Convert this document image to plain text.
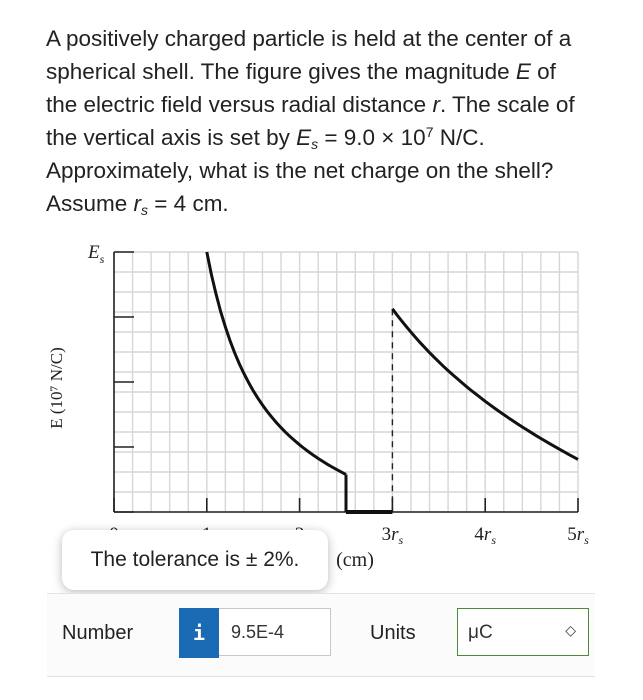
A positively charged particle is held at the center of a
spherical shell. The figure gives the magnitude E of
the electric field versus radial distance r. The scale of
the vertical axis is set by $E_s = 9.0 \times 10^7$ N/C.
Approximately, what is the net charge on the shell?
Assume $r_s = 4$ cm.
E (10⁷ N/C)
$E_s$
$3r_s$	$4r_s$	$5r_s$
(cm)
The tolerance is ± 2%.
Number	i
9.5E-4	Units	μC	◇
